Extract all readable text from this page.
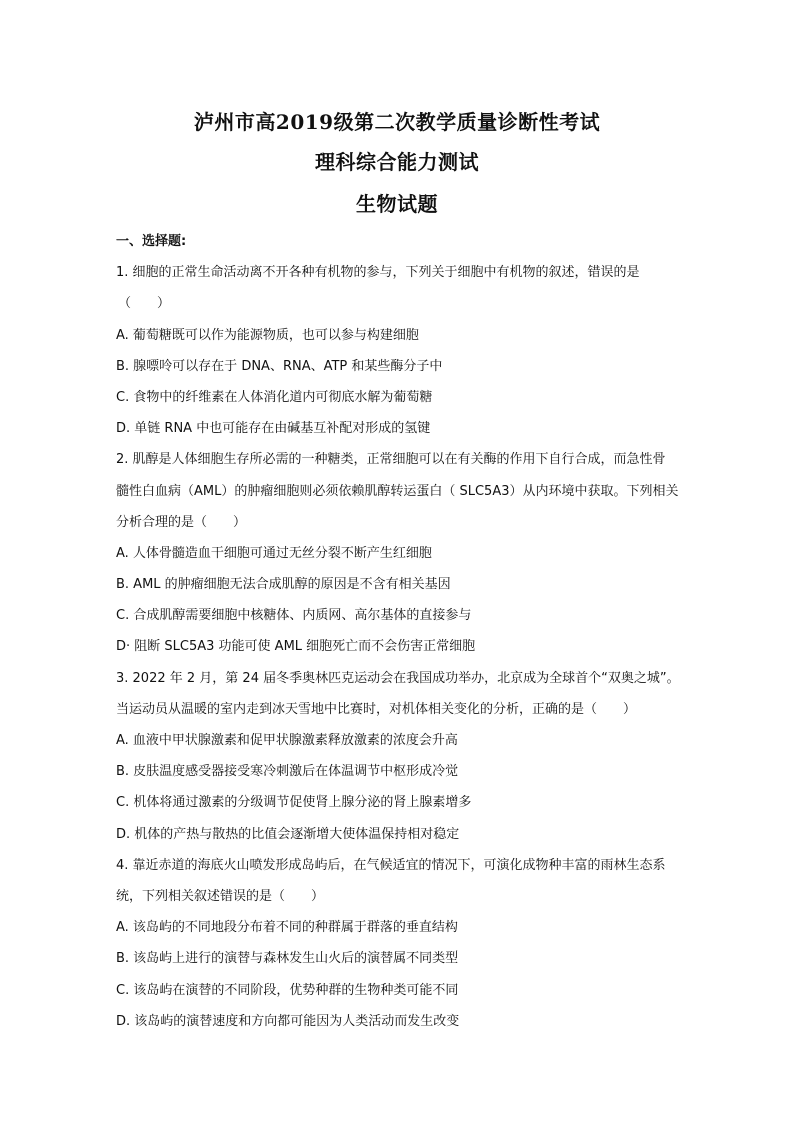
泸州市高2019级第二次教学质量诊断性考试
理科综合能力测试
生物试题
一、选择题:
1. 细胞的正常生命活动离不开各种有机物的参与，下列关于细胞中有机物的叙述，错误的是
（　　）
A. 葡萄糖既可以作为能源物质，也可以参与构建细胞
B. 腺嘌呤可以存在于 DNA、RNA、ATP 和某些酶分子中
C. 食物中的纤维素在人体消化道内可彻底水解为葡萄糖
D. 单链 RNA 中也可能存在由碱基互补配对形成的氢键
2. 肌醇是人体细胞生存所必需的一种糖类，正常细胞可以在有关酶的作用下自行合成，而急性骨
髓性白血病（AML）的肿瘤细胞则必须依赖肌醇转运蛋白（ SLC5A3）从内环境中获取。下列相关
分析合理的是（　　）
A. 人体骨髓造血干细胞可通过无丝分裂不断产生红细胞
B. AML 的肿瘤细胞无法合成肌醇的原因是不含有相关基因
C. 合成肌醇需要细胞中核糖体、内质网、高尔基体的直接参与
D· 阻断 SLC5A3 功能可使 AML 细胞死亡而不会伤害正常细胞
3. 2022 年 2 月，第 24 届冬季奥林匹克运动会在我国成功举办，北京成为全球首个“双奥之城”。
当运动员从温暖的室内走到冰天雪地中比赛时，对机体相关变化的分析，正确的是（　　）
A. 血液中甲状腺激素和促甲状腺激素释放激素的浓度会升高
B. 皮肤温度感受器接受寒冷刺激后在体温调节中枢形成冷觉
C. 机体将通过激素的分级调节促使肾上腺分泌的肾上腺素增多
D. 机体的产热与散热的比值会逐渐增大使体温保持相对稳定
4. 靠近赤道的海底火山喷发形成岛屿后，在气候适宜的情况下，可演化成物种丰富的雨林生态系
统，下列相关叙述错误的是（　　）
A. 该岛屿的不同地段分布着不同的种群属于群落的垂直结构
B. 该岛屿上进行的演替与森林发生山火后的演替属不同类型
C. 该岛屿在演替的不同阶段，优势种群的生物种类可能不同
D. 该岛屿的演替速度和方向都可能因为人类活动而发生改变
